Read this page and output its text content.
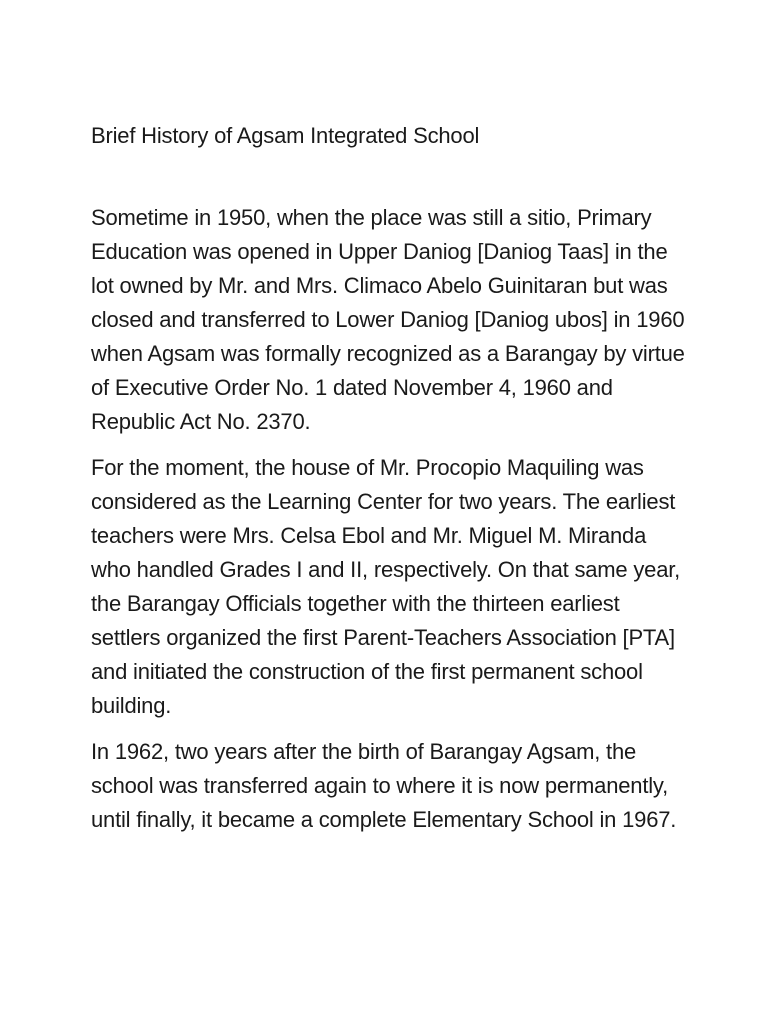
Brief History of Agsam Integrated School

Sometime in 1950, when the place was still a sitio, Primary Education was opened in Upper Daniog [Daniog Taas] in the lot owned by Mr. and Mrs. Climaco Abelo Guinitaran but was closed and transferred to Lower Daniog [Daniog ubos] in 1960 when Agsam was formally recognized as a Barangay by virtue of Executive Order No. 1 dated November 4, 1960 and Republic Act No. 2370.

For the moment, the house of Mr. Procopio Maquiling was considered as the Learning Center for two years. The earliest teachers were Mrs. Celsa Ebol and Mr. Miguel M. Miranda who handled Grades I and II, respectively. On that same year, the Barangay Officials together with the thirteen earliest settlers organized the first Parent-Teachers Association [PTA] and initiated the construction of the first permanent school building.

In 1962, two years after the birth of Barangay Agsam, the school was transferred again to where it is now permanently, until finally, it became a complete Elementary School in 1967.
